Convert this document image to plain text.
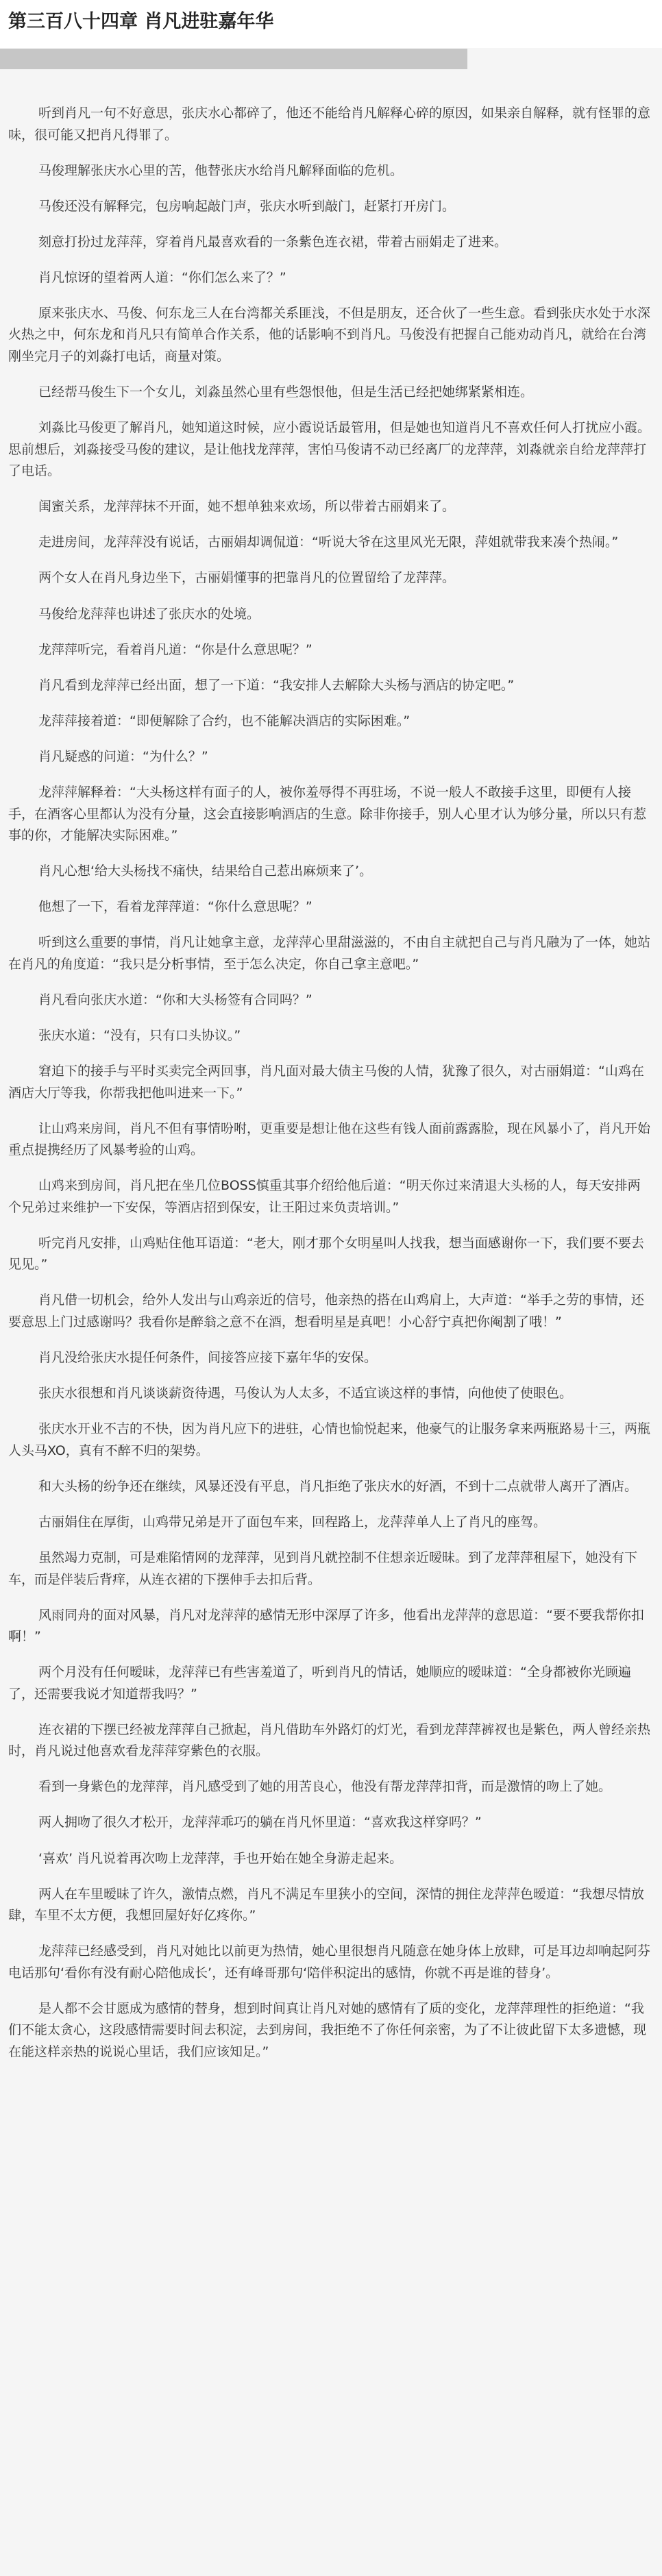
第三百八十四章 肖凡进驻嘉年华

听到肖凡一句不好意思，张庆水心都碎了，他还不能给肖凡解释心碎的原因，如果亲自解释，就有怪罪的意味，很可能又把肖凡得罪了。

马俊理解张庆水心里的苦，他替张庆水给肖凡解释面临的危机。

马俊还没有解释完，包房响起敲门声，张庆水听到敲门，赶紧打开房门。

刻意打扮过龙萍萍，穿着肖凡最喜欢看的一条紫色连衣裙，带着古丽娟走了进来。

肖凡惊讶的望着两人道：“你们怎么来了？”

原来张庆水、马俊、何东龙三人在台湾都关系匪浅，不但是朋友，还合伙了一些生意。看到张庆水处于水深火热之中，何东龙和肖凡只有简单合作关系，他的话影响不到肖凡。马俊没有把握自己能劝动肖凡，就给在台湾刚坐完月子的刘淼打电话，商量对策。

已经帮马俊生下一个女儿，刘淼虽然心里有些怨恨他，但是生活已经把她绑紧紧相连。

刘淼比马俊更了解肖凡，她知道这时候，应小霞说话最管用，但是她也知道肖凡不喜欢任何人打扰应小霞。思前想后，刘淼接受马俊的建议，是让他找龙萍萍，害怕马俊请不动已经离厂的龙萍萍，刘淼就亲自给龙萍萍打了电话。

闺蜜关系，龙萍萍抹不开面，她不想单独来欢场，所以带着古丽娟来了。

走进房间，龙萍萍没有说话，古丽娟却调侃道：“听说大爷在这里风光无限，萍姐就带我来凑个热闹。”

两个女人在肖凡身边坐下，古丽娟懂事的把靠肖凡的位置留给了龙萍萍。

马俊给龙萍萍也讲述了张庆水的处境。

龙萍萍听完，看着肖凡道：“你是什么意思呢？”

肖凡看到龙萍萍已经出面，想了一下道：“我安排人去解除大头杨与酒店的协定吧。”

龙萍萍接着道：“即便解除了合约，也不能解决酒店的实际困难。”

肖凡疑惑的问道：“为什么？”

龙萍萍解释着：“大头杨这样有面子的人，被你羞辱得不再驻场，不说一般人不敢接手这里，即便有人接手，在酒客心里都认为没有分量，这会直接影响酒店的生意。除非你接手，别人心里才认为够分量，所以只有惹事的你，才能解决实际困难。”

肖凡心想‘给大头杨找不痛快，结果给自己惹出麻烦来了’。

他想了一下，看着龙萍萍道：“你什么意思呢？”

听到这么重要的事情，肖凡让她拿主意，龙萍萍心里甜滋滋的，不由自主就把自己与肖凡融为了一体，她站在肖凡的角度道：“我只是分析事情，至于怎么决定，你自己拿主意吧。”

肖凡看向张庆水道：“你和大头杨签有合同吗？”

张庆水道：“没有，只有口头协议。”

窘迫下的接手与平时买卖完全两回事，肖凡面对最大债主马俊的人情，犹豫了很久，对古丽娟道：“山鸡在酒店大厅等我，你帮我把他叫进来一下。”

让山鸡来房间，肖凡不但有事情吩咐，更重要是想让他在这些有钱人面前露露脸，现在风暴小了，肖凡开始重点提携经历了风暴考验的山鸡。

山鸡来到房间，肖凡把在坐几位BOSS慎重其事介绍给他后道：“明天你过来清退大头杨的人，每天安排两个兄弟过来维护一下安保，等酒店招到保安，让王阳过来负责培训。”

听完肖凡安排，山鸡贴住他耳语道：“老大，刚才那个女明星叫人找我，想当面感谢你一下，我们要不要去见见。”

肖凡借一切机会，给外人发出与山鸡亲近的信号，他亲热的搭在山鸡肩上，大声道：“举手之劳的事情，还要意思上门过感谢吗？我看你是醉翁之意不在酒，想看明星是真吧！小心舒宁真把你阉割了哦！”

肖凡没给张庆水提任何条件，间接答应接下嘉年华的安保。

张庆水很想和肖凡谈谈薪资待遇，马俊认为人太多，不适宜谈这样的事情，向他使了使眼色。

张庆水开业不吉的不快，因为肖凡应下的进驻，心情也愉悦起来，他豪气的让服务拿来两瓶路易十三，两瓶人头马XO，真有不醉不归的架势。

和大头杨的纷争还在继续，风暴还没有平息，肖凡拒绝了张庆水的好酒，不到十二点就带人离开了酒店。

古丽娟住在厚街，山鸡带兄弟是开了面包车来，回程路上，龙萍萍单人上了肖凡的座驾。

虽然竭力克制，可是难陷情网的龙萍萍，见到肖凡就控制不住想亲近暧昧。到了龙萍萍租屋下，她没有下车，而是伴装后背痒，从连衣裙的下摆伸手去扣后背。

风雨同舟的面对风暴，肖凡对龙萍萍的感情无形中深厚了许多，他看出龙萍萍的意思道：“要不要我帮你扣啊！”

两个月没有任何暧昧，龙萍萍已有些害羞道了，听到肖凡的情话，她顺应的暧昧道：“全身都被你光顾遍了，还需要我说才知道帮我吗？”

连衣裙的下摆已经被龙萍萍自己掀起，肖凡借助车外路灯的灯光，看到龙萍萍裤衩也是紫色，两人曾经亲热时，肖凡说过他喜欢看龙萍萍穿紫色的衣服。

看到一身紫色的龙萍萍，肖凡感受到了她的用苦良心，他没有帮龙萍萍扣背，而是激情的吻上了她。

两人拥吻了很久才松开，龙萍萍乖巧的躺在肖凡怀里道：“喜欢我这样穿吗？”

‘喜欢’ 肖凡说着再次吻上龙萍萍，手也开始在她全身游走起来。

两人在车里暧昧了许久，激情点燃，肖凡不满足车里狭小的空间，深情的拥住龙萍萍色暧道：“我想尽情放肆，车里不太方便，我想回屋好好亿疼你。”

龙萍萍已经感受到，肖凡对她比以前更为热情，她心里很想肖凡随意在她身体上放肆，可是耳边却响起阿芬电话那句‘看你有没有耐心陪他成长’，还有峰哥那句‘陪伴积淀出的感情，你就不再是谁的替身’。

是人都不会甘愿成为感情的替身，想到时间真让肖凡对她的感情有了质的变化，龙萍萍理性的拒绝道：“我们不能太贪心，这段感情需要时间去积淀，去到房间，我拒绝不了你任何亲密，为了不让彼此留下太多遗憾，现在能这样亲热的说说心里话，我们应该知足。”
